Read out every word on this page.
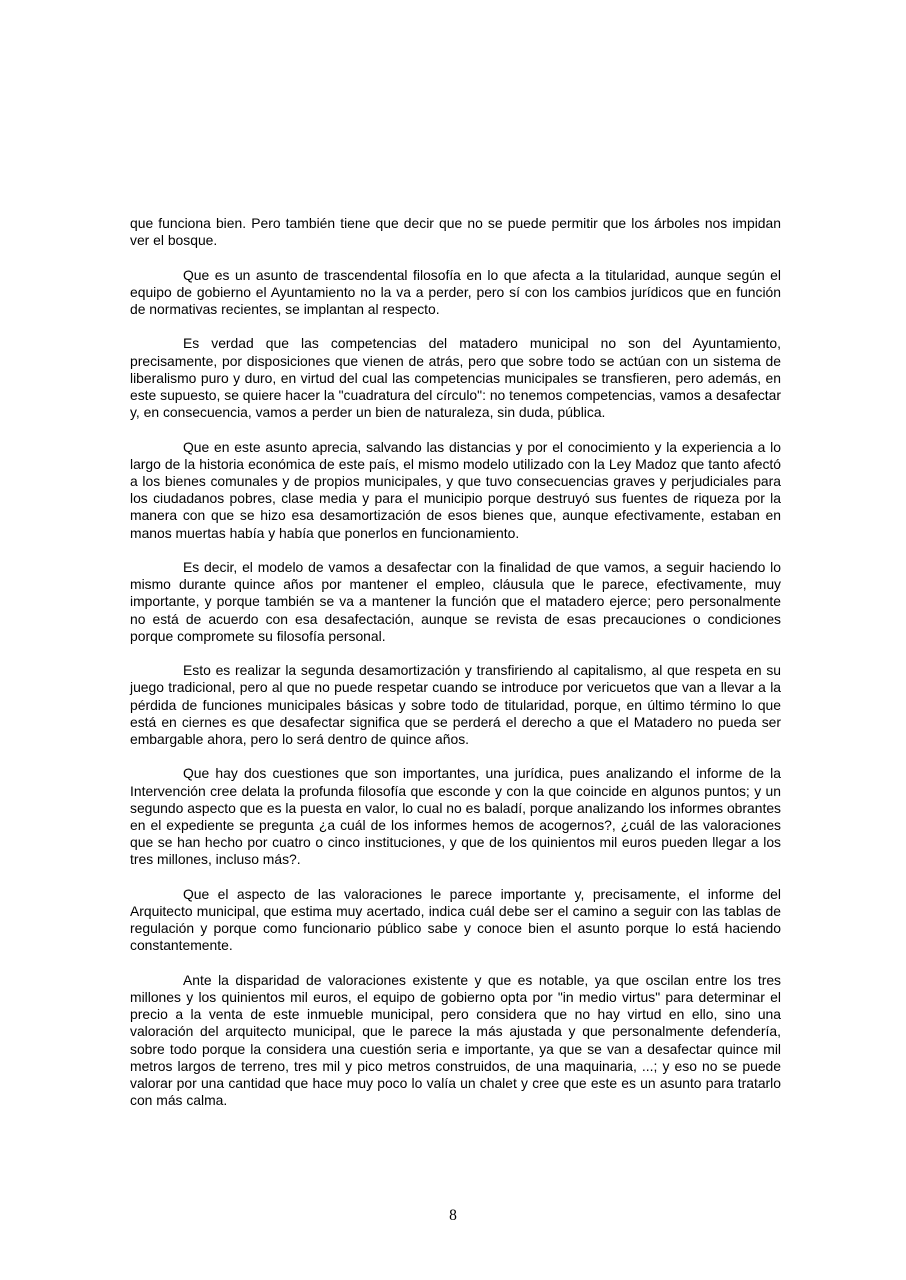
que funciona bien. Pero también tiene que decir que no se puede permitir que los árboles nos impidan ver el bosque.

Que es un asunto de trascendental filosofía en lo que afecta a la titularidad, aunque según el equipo de gobierno el Ayuntamiento no la va a perder, pero sí con los cambios jurídicos que en función de normativas recientes, se implantan al respecto.

Es verdad que las competencias del matadero municipal no son del Ayuntamiento, precisamente, por disposiciones que vienen de atrás, pero que sobre todo se actúan con un sistema de liberalismo puro y duro, en virtud del cual las competencias municipales se transfieren, pero además, en este supuesto, se quiere hacer la "cuadratura del círculo": no tenemos competencias, vamos a desafectar y, en consecuencia, vamos a perder un bien de naturaleza, sin duda, pública.

Que en este asunto aprecia, salvando las distancias y por el conocimiento y la experiencia a lo largo de la historia económica de este país, el mismo modelo utilizado con la Ley Madoz que tanto afectó a los bienes comunales y de propios municipales, y que tuvo consecuencias graves y perjudiciales para los ciudadanos pobres, clase media y para el municipio porque destruyó sus fuentes de riqueza por la manera con que se hizo esa desamortización de esos bienes que, aunque efectivamente, estaban en manos muertas había y había que ponerlos en funcionamiento.

Es decir, el modelo de vamos a desafectar con la finalidad de que vamos, a seguir haciendo lo mismo durante quince años por mantener el empleo, cláusula que le parece, efectivamente, muy importante, y porque también se va a mantener la función que el matadero ejerce; pero personalmente no está de acuerdo con esa desafectación, aunque se revista de esas precauciones o condiciones porque compromete su filosofía personal.

Esto es realizar la segunda desamortización y transfiriendo al capitalismo, al que respeta en su juego tradicional, pero al que no puede respetar cuando se introduce por vericuetos que van a llevar a la pérdida de funciones municipales básicas y sobre todo de titularidad, porque, en último término lo que está en ciernes es que desafectar significa que se perderá el derecho a que el Matadero no pueda ser embargable ahora, pero lo será dentro de quince años.

Que hay dos cuestiones que son importantes, una jurídica, pues analizando el informe de la Intervención cree delata la profunda filosofía que esconde y con la que coincide en algunos puntos; y un segundo aspecto que es la puesta en valor, lo cual no es baladí, porque analizando los informes obrantes en el expediente se pregunta ¿a cuál de los informes hemos de acogernos?, ¿cuál de las valoraciones que se han hecho por cuatro o cinco instituciones, y que de los quinientos mil euros pueden llegar a los tres millones, incluso más?.

Que el aspecto de las valoraciones le parece importante y, precisamente, el informe del Arquitecto municipal, que estima muy acertado, indica cuál debe ser el camino a seguir con las tablas de regulación y porque como funcionario público sabe y conoce bien el asunto porque lo está haciendo constantemente.

Ante la disparidad de valoraciones existente y que es notable, ya que oscilan entre los tres millones y los quinientos mil euros, el equipo de gobierno opta por "in medio virtus" para determinar el precio a la venta de este inmueble municipal, pero considera que no hay virtud en ello, sino una valoración del arquitecto municipal, que le parece la más ajustada y que personalmente defendería, sobre todo porque la considera una cuestión seria e importante, ya que se van a desafectar quince mil metros largos de terreno, tres mil y pico metros construidos, de una maquinaria, ...; y eso no se puede valorar por una cantidad que hace muy poco lo valía un chalet y cree que este es un asunto para tratarlo con más calma.

8
